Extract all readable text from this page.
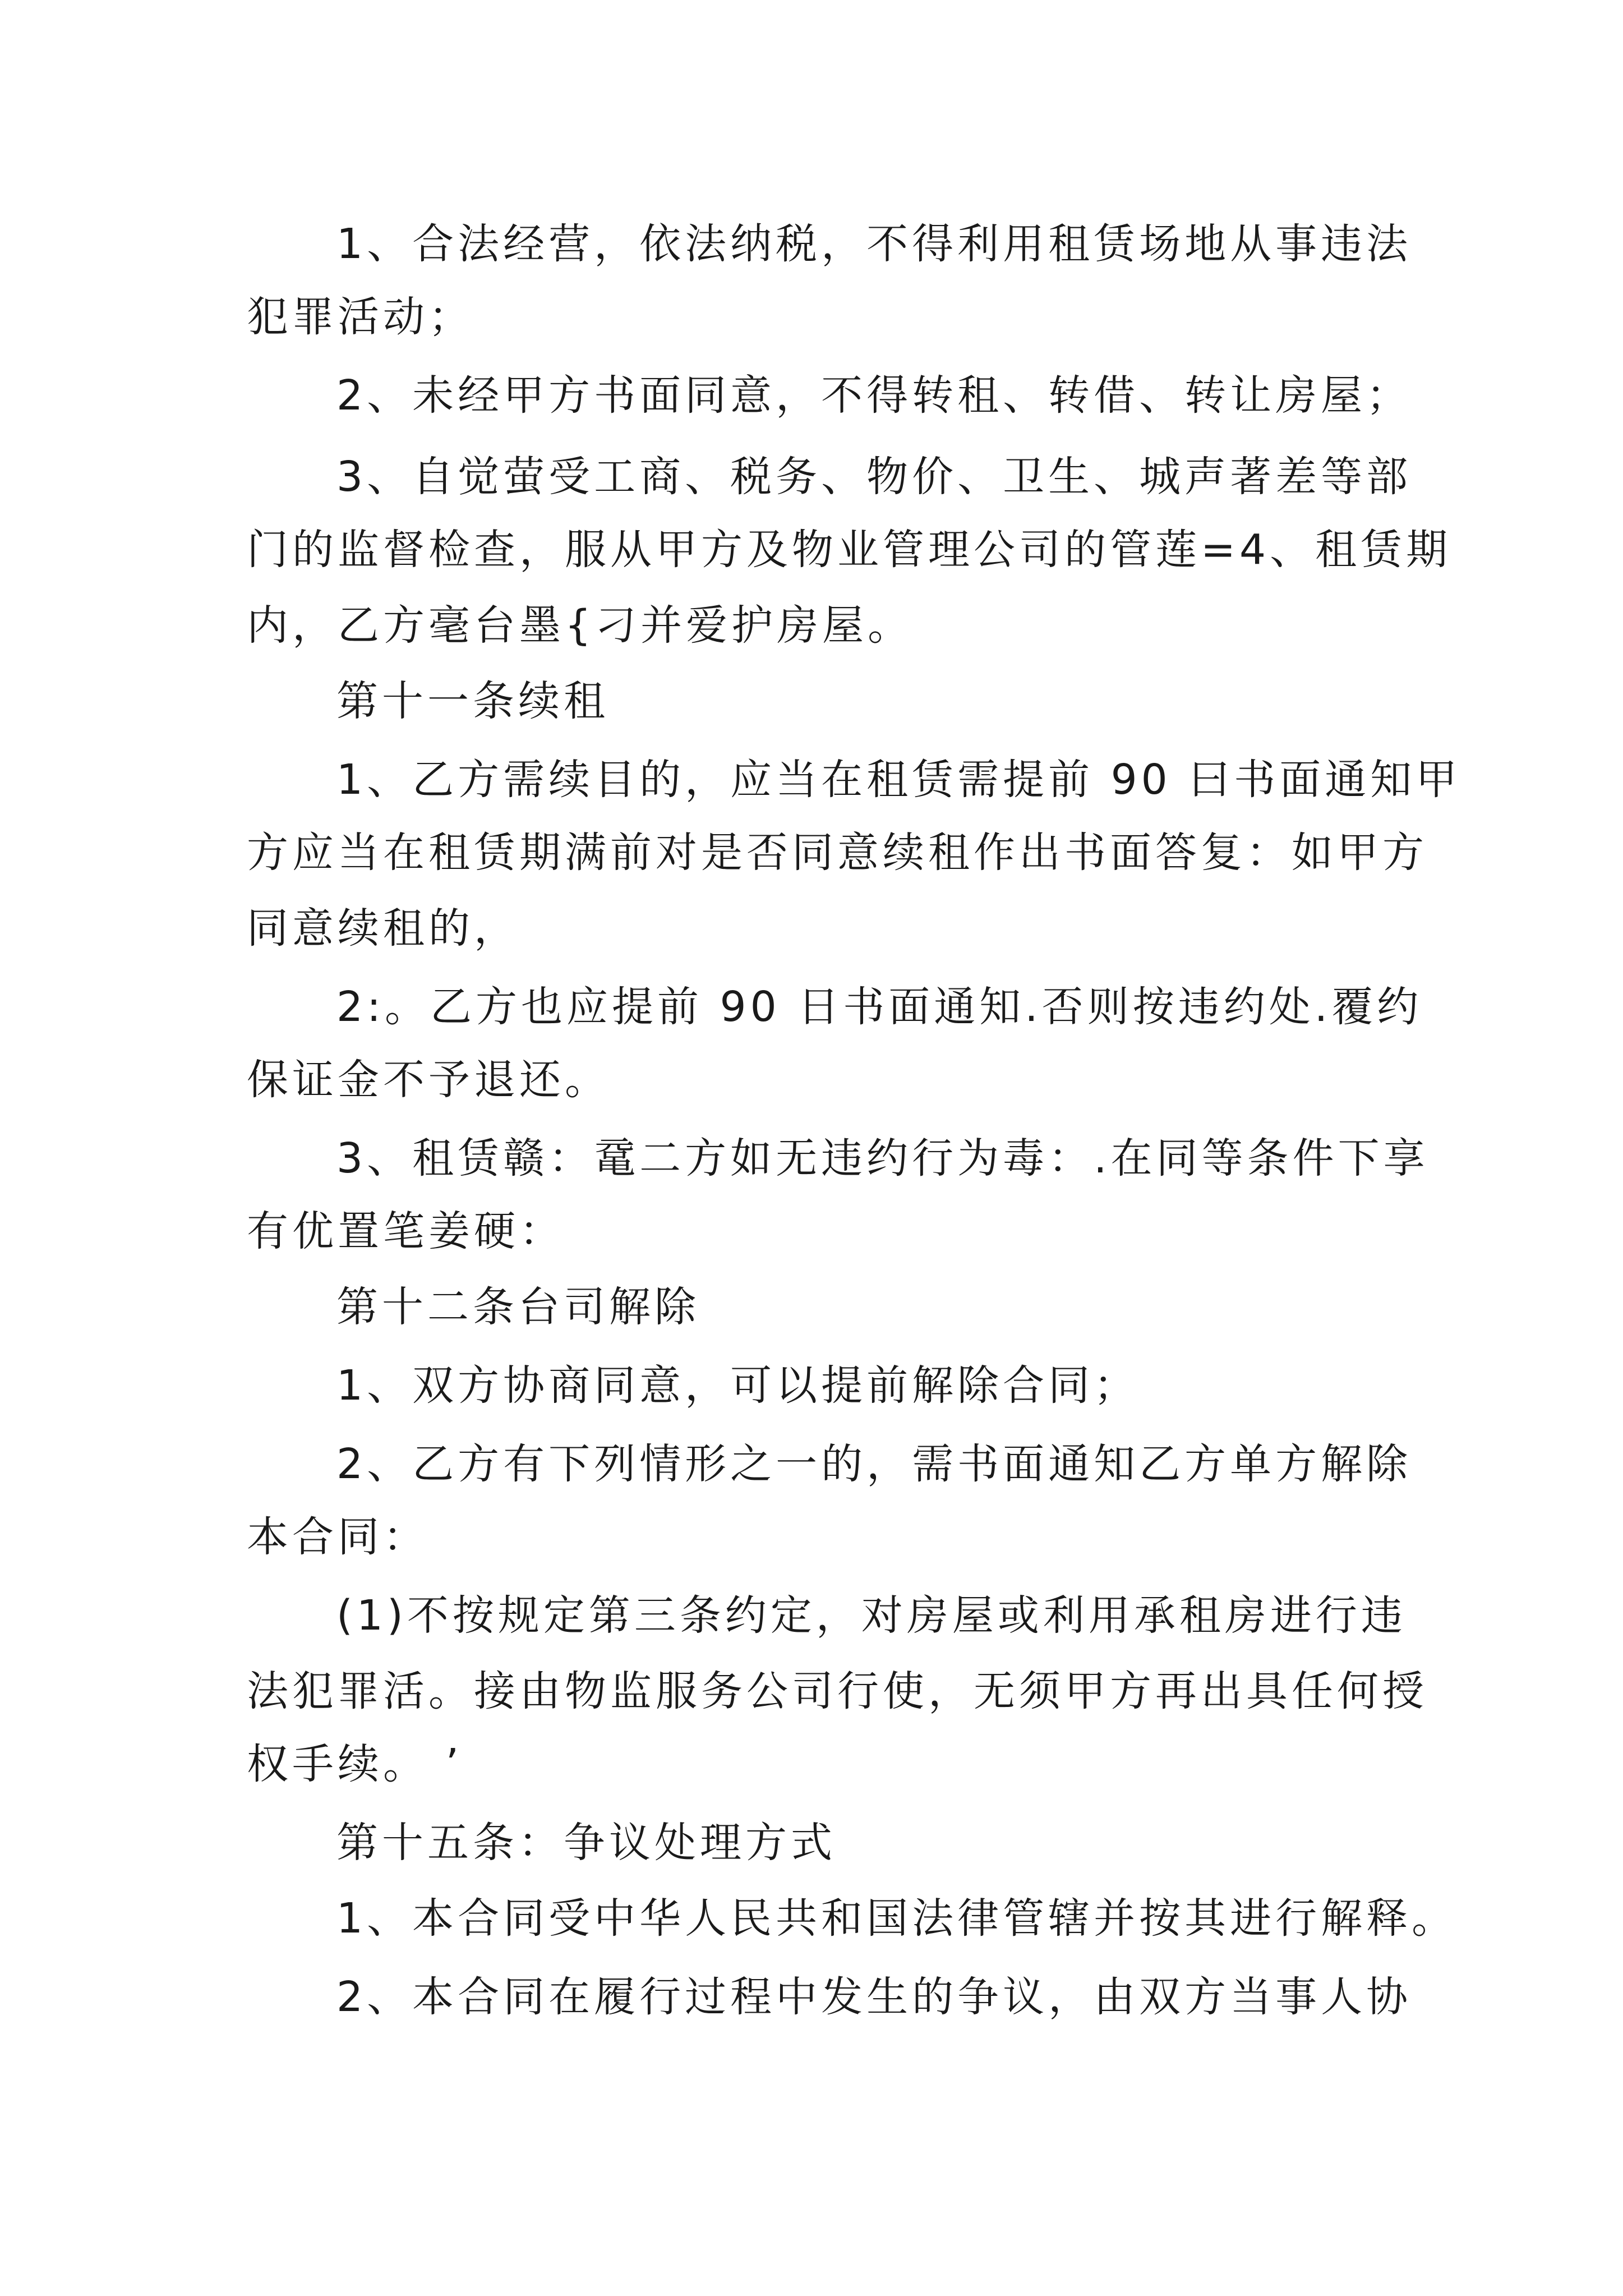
1、合法经营，依法纳税，不得利用租赁场地从事违法
犯罪活动；
2、未经甲方书面同意，不得转租、转借、转让房屋；
3、自觉萤受工商、税务、物价、卫生、城声著差等部
门的监督检查，服从甲方及物业管理公司的管莲=4、租赁期
内，乙方毫台墨{刁并爱护房屋。
第十一条续租
1、乙方需续目的，应当在租赁需提前 90 曰书面通知甲
方应当在租赁期满前对是否同意续租作出书面答复：如甲方
同意续租的，
2:。乙方也应提前 90 日书面通知.否则按违约处.覆约
保证金不予退还。
3、租赁赣：鼋二方如无违约行为毒：.在同等条件下享
有优置笔姜硬：
第十二条台司解除
1、双方协商同意，可以提前解除合同；
2、乙方有下列情形之一的，需书面通知乙方单方解除
本合同：
(1)不按规定第三条约定，对房屋或利用承租房进行违
法犯罪活。接由物监服务公司行使，无须甲方再出具任何授
权手续。 ’
第十五条：争议处理方式
1、本合同受中华人民共和国法律管辖并按其进行解释。
2、本合同在履行过程中发生的争议，由双方当事人协
